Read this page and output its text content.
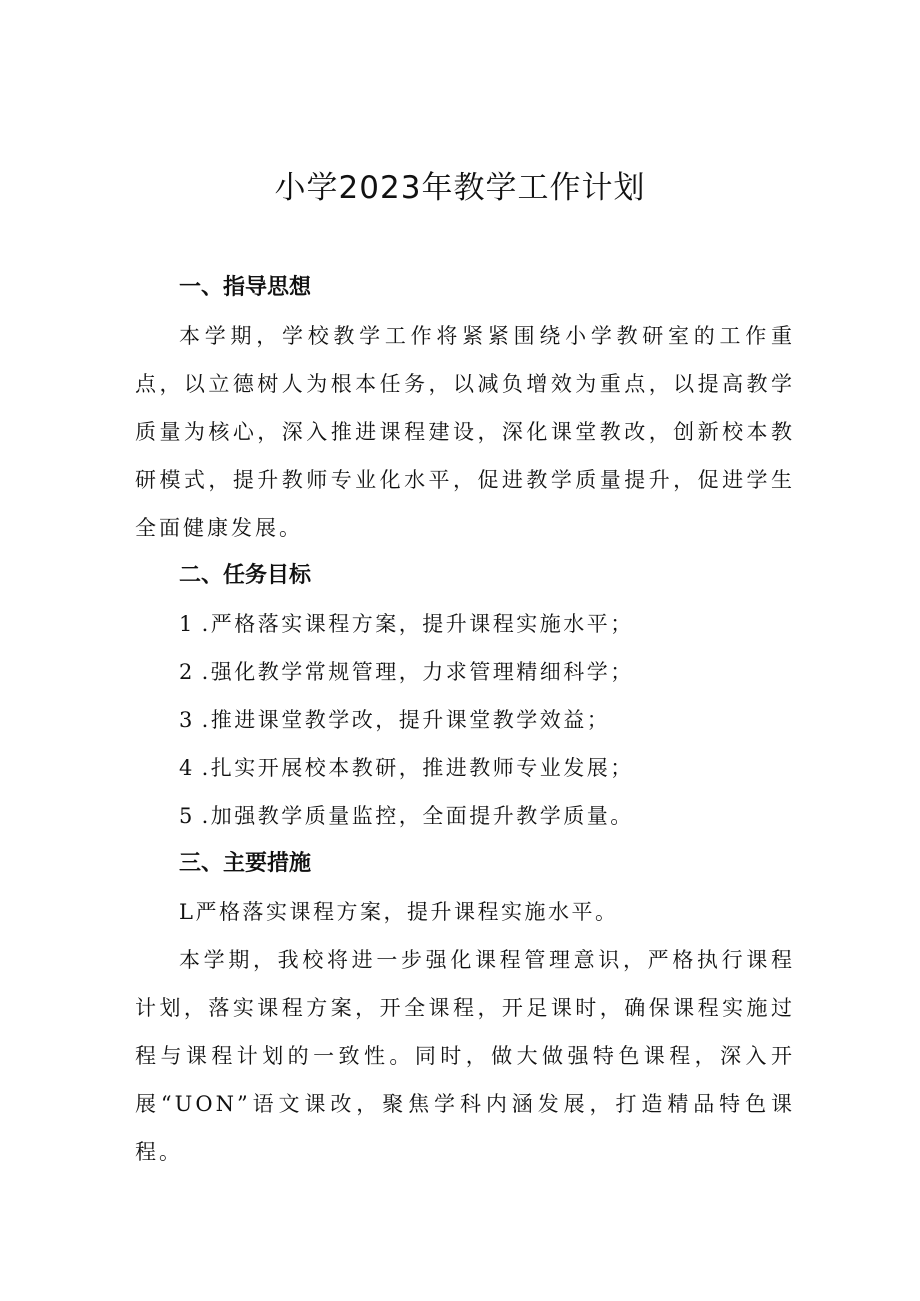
小学2023年教学工作计划
一、指导思想

本学期，学校教学工作将紧紧围绕小学教研室的工作重点，以立德树人为根本任务，以减负增效为重点，以提高教学质量为核心，深入推进课程建设，深化课堂教改，创新校本教研模式，提升教师专业化水平，促进教学质量提升，促进学生全面健康发展。

二、任务目标

1 .严格落实课程方案，提升课程实施水平；

2 .强化教学常规管理，力求管理精细科学；

3 .推进课堂教学改，提升课堂教学效益；

4 .扎实开展校本教研，推进教师专业发展；

5 .加强教学质量监控，全面提升教学质量。

三、主要措施

L严格落实课程方案，提升课程实施水平。

本学期，我校将进一步强化课程管理意识，严格执行课程计划，落实课程方案，开全课程，开足课时，确保课程实施过程与课程计划的一致性。同时，做大做强特色课程，深入开展“UON”语文课改，聚焦学科内涵发展，打造精品特色课程。
